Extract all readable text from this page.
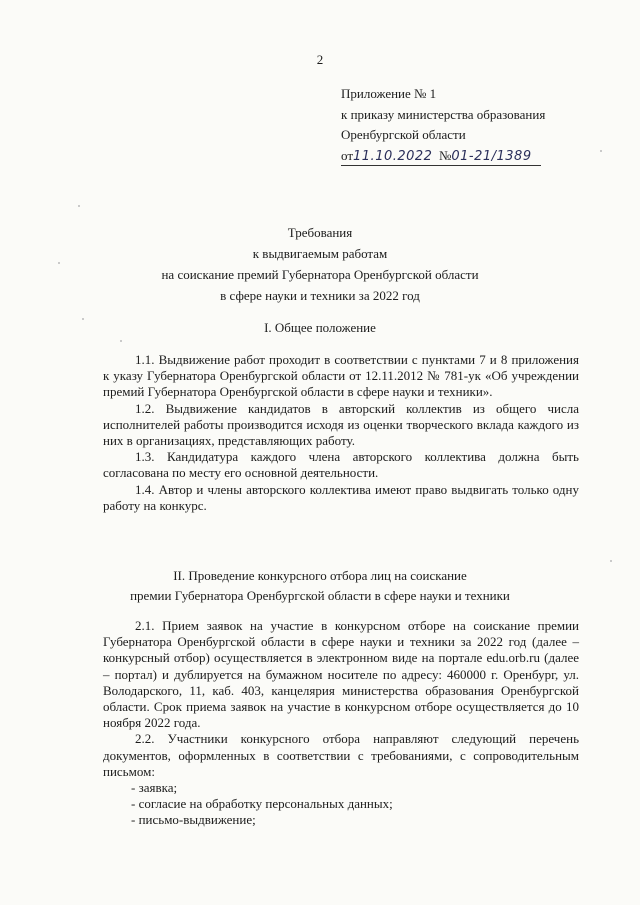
2
Приложение № 1
к приказу министерства образования
Оренбургской области
от11.10.2022 №01-21/1389
Требования
к выдвигаемым работам
на соискание премий Губернатора Оренбургской области
в сфере науки и техники за 2022 год
I. Общее положение

1.1. Выдвижение работ проходит в соответствии с пунктами 7 и 8 приложения к указу Губернатора Оренбургской области от 12.11.2012 № 781-ук «Об учреждении премий Губернатора Оренбургской области в сфере науки и техники».

1.2. Выдвижение кандидатов в авторский коллектив из общего числа исполнителей работы производится исходя из оценки творческого вклада каждого из них в организациях, представляющих работу.

1.3. Кандидатура каждого члена авторского коллектива должна быть согласована по месту его основной деятельности.

1.4. Автор и члены авторского коллектива имеют право выдвигать только одну работу на конкурс.

II. Проведение конкурсного отбора лиц на соискание
премии Губернатора Оренбургской области в сфере науки и техники

2.1. Прием заявок на участие в конкурсном отборе на соискание премии Губернатора Оренбургской области в сфере науки и техники за 2022 год (далее – конкурсный отбор) осуществляется в электронном виде на портале edu.orb.ru (далее – портал) и дублируется на бумажном носителе по адресу: 460000 г. Оренбург, ул. Володарского, 11, каб. 403, канцелярия министерства образования Оренбургской области. Срок приема заявок на участие в конкурсном отборе осуществляется до 10 ноября 2022 года.

2.2. Участники конкурсного отбора направляют следующий перечень документов, оформленных в соответствии с требованиями, с сопроводительным письмом:

- заявка;

- согласие на обработку персональных данных;

- письмо-выдвижение;
